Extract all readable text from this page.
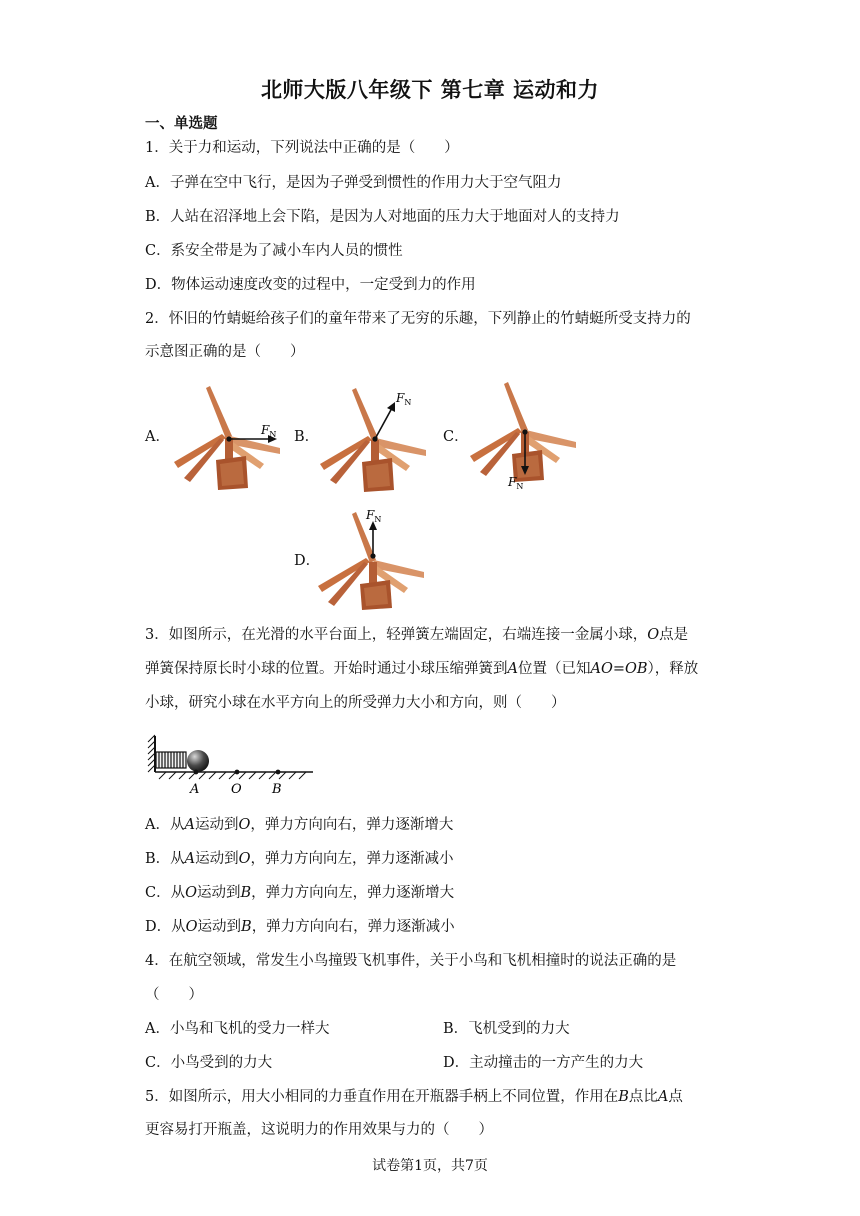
北师大版八年级下 第七章 运动和力
一、单选题
1．关于力和运动，下列说法中正确的是（　　）
A．子弹在空中飞行，是因为子弹受到惯性的作用力大于空气阻力
B．人站在沼泽地上会下陷，是因为人对地面的压力大于地面对人的支持力
C．系安全带是为了减小车内人员的惯性
D．物体运动速度改变的过程中，一定受到力的作用
2．怀旧的竹蜻蜓给孩子们的童年带来了无穷的乐趣，下列静止的竹蜻蜓所受支持力的
示意图正确的是（　　）
A．	B．	C．
D．
$F_N$
$F_N$
$F_N$
$F_N$
3．如图所示，在光滑的水平台面上，轻弹簧左端固定，右端连接一金属小球，O点是
弹簧保持原长时小球的位置。开始时通过小球压缩弹簧到A位置（已知AO=OB），释放
小球，研究小球在水平方向上的所受弹力大小和方向，则（　　）
A O B
A．从A运动到O，弹力方向向右，弹力逐渐增大
B．从A运动到O，弹力方向向左，弹力逐渐减小
C．从O运动到B，弹力方向向左，弹力逐渐增大
D．从O运动到B，弹力方向向右，弹力逐渐减小
4．在航空领域，常发生小鸟撞毁飞机事件，关于小鸟和飞机相撞时的说法正确的是
（　　）
A．小鸟和飞机的受力一样大	B．飞机受到的力大
C．小鸟受到的力大	D．主动撞击的一方产生的力大
5．如图所示，用大小相同的力垂直作用在开瓶器手柄上不同位置，作用在B点比A点
更容易打开瓶盖，这说明力的作用效果与力的（　　）
试卷第1页，共7页
